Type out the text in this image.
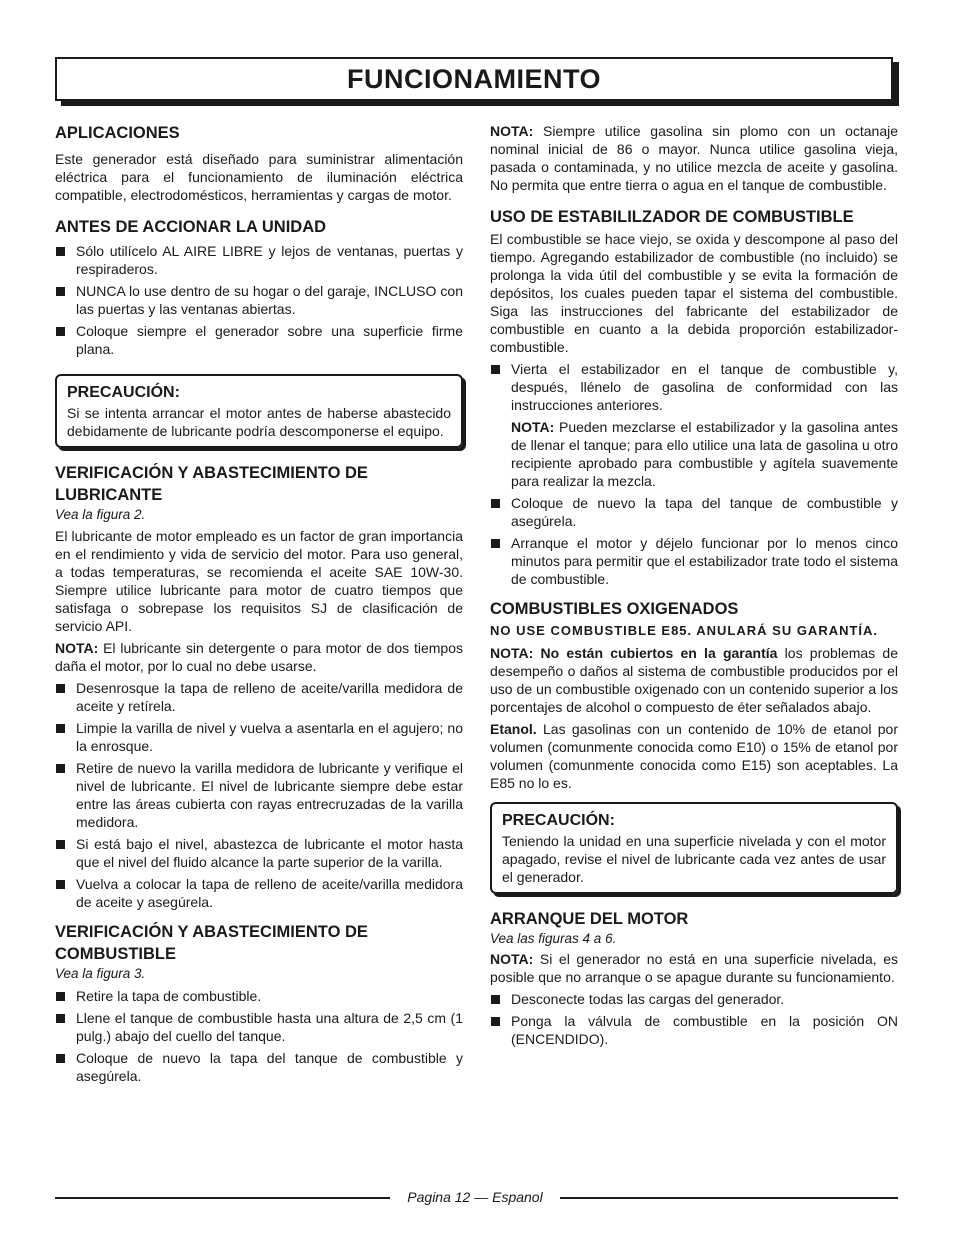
FUNCIONAMIENTO
APLICACIONES

Este generador está diseñado para suministrar alimentación eléctrica para el funcionamiento de iluminación eléctrica compatible, electrodomésticos, herramientas y cargas de motor.

ANTES DE ACCIONAR LA UNIDAD
Sólo utilícelo AL AIRE LIBRE y lejos de ventanas, puertas y respiraderos.
NUNCA lo use dentro de su hogar o del garaje, INCLUSO con las puertas y las ventanas abiertas.
Coloque siempre el generador sobre una superficie firme plana.
PRECAUCIÓN:

Si se intenta arrancar el motor antes de haberse abastecido debidamente de lubricante podría descomponerse el equipo.

VERIFICACIÓN Y ABASTECIMIENTO DE LUBRICANTE
Vea la figura 2.

El lubricante de motor empleado es un factor de gran importancia en el rendimiento y vida de servicio del motor. Para uso general, a todas temperaturas, se recomienda el aceite SAE 10W-30. Siempre utilice lubricante para motor de cuatro tiempos que satisfaga o sobrepase los requisitos SJ de clasificación de servicio API.

NOTA: El lubricante sin detergente o para motor de dos tiempos daña el motor, por lo cual no debe usarse.

Desenrosque la tapa de relleno de aceite/varilla medidora de aceite y retírela.
Limpie la varilla de nivel y vuelva a asentarla en el agujero; no la enrosque.
Retire de nuevo la varilla medidora de lubricante y verifique el nivel de lubricante. El nivel de lubricante siempre debe estar entre las áreas cubierta con rayas entrecruzadas de la varilla medidora.
Si está bajo el nivel, abastezca de lubricante el motor hasta que el nivel del fluido alcance la parte superior de la varilla.
Vuelva a colocar la tapa de relleno de aceite/varilla medidora de aceite y asegúrela.
VERIFICACIÓN Y ABASTECIMIENTO DE COMBUSTIBLE
Vea la figura 3.
Retire la tapa de combustible.
Llene el tanque de combustible hasta una altura de 2,5 cm (1 pulg.) abajo del cuello del tanque.
Coloque de nuevo la tapa del tanque de combustible y asegúrela.

NOTA: Siempre utilice gasolina sin plomo con un octanaje nominal inicial de 86 o mayor. Nunca utilice gasolina vieja, pasada o contaminada, y no utilice mezcla de aceite y gasolina. No permita que entre tierra o agua en el tanque de combustible.

USO DE ESTABILILZADOR DE COMBUSTIBLE

El combustible se hace viejo, se oxida y descompone al paso del tiempo. Agregando estabilizador de combustible (no incluido) se prolonga la vida útil del combustible y se evita la formación de depósitos, los cuales pueden tapar el sistema del combustible. Siga las instrucciones del fabricante del estabilizador de combustible en cuanto a la debida proporción estabilizador-combustible.

Vierta el estabilizador en el tanque de combustible y, después, llénelo de gasolina de conformidad con las instrucciones anteriores.

NOTA: Pueden mezclarse el estabilizador y la gasolina antes de llenar el tanque; para ello utilice una lata de gasolina u otro recipiente aprobado para combustible y agítela suavemente para realizar la mezcla.

Coloque de nuevo la tapa del tanque de combustible y asegúrela.
Arranque el motor y déjelo funcionar por lo menos cinco minutos para permitir que el estabilizador trate todo el sistema de combustible.
COMBUSTIBLES OXIGENADOS

NO USE COMBUSTIBLE E85. ANULARÁ SU GARANTÍA.

NOTA: No están cubiertos en la garantía los problemas de desempeño o daños al sistema de combustible producidos por el uso de un combustible oxigenado con un contenido superior a los porcentajes de alcohol o compuesto de éter señalados abajo.

Etanol. Las gasolinas con un contenido de 10% de etanol por volumen (comunmente conocida como E10) o 15% de etanol por volumen (comunmente conocida como E15) son aceptables. La E85 no lo es.

PRECAUCIÓN:

Teniendo la unidad en una superficie nivelada y con el motor apagado, revise el nivel de lubricante cada vez antes de usar el generador.

ARRANQUE DEL MOTOR
Vea las figuras 4 a 6.

NOTA: Si el generador no está en una superficie nivelada, es posible que no arranque o se apague durante su funcionamiento.

Desconecte todas las cargas del generador.
Ponga la válvula de combustible en la posición ON (ENCENDIDO).
Pagina 12 — Espanol
